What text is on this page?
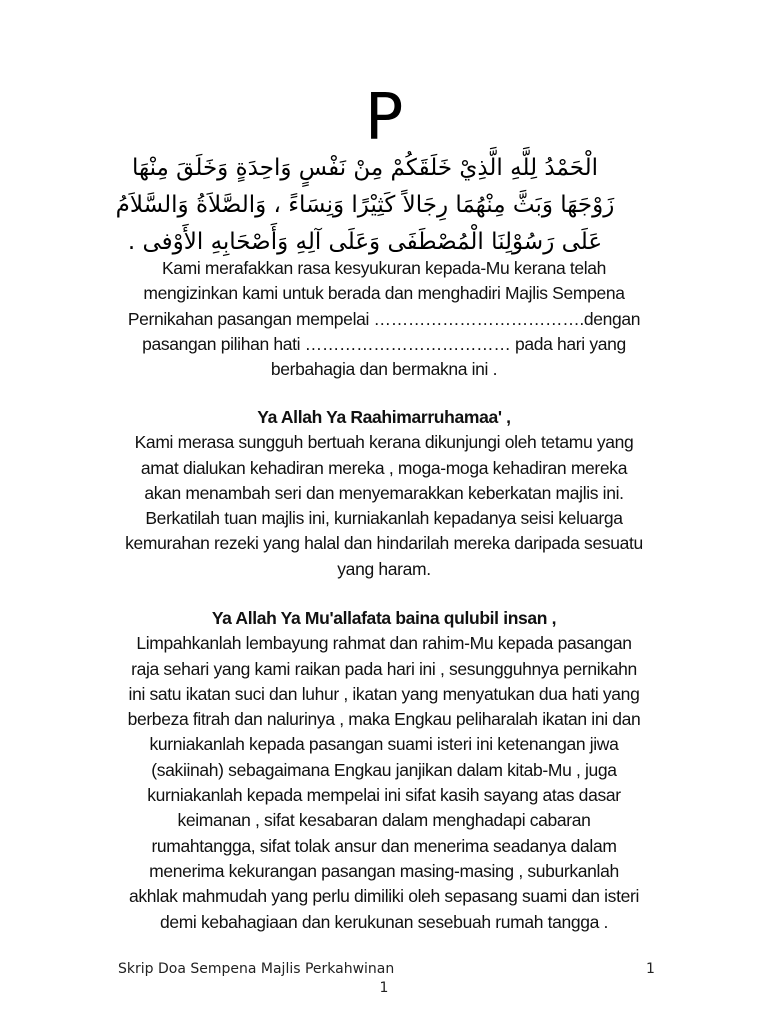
P
الْحَمْدُ لِلَّهِ الَّذِيْ خَلَقَكُمْ مِنْ نَفْسٍ وَاحِدَةٍ وَخَلَقَ مِنْهَا
زَوْجَهَا وَبَثَّ مِنْهُمَا رِجَالاً كَثِيْرًا وَنِسَاءً ، وَالصَّلاَةُ وَالسَّلاَمُ
عَلَى رَسُوْلِنَا الْمُصْطَفَى وَعَلَى آلِهِ وَأَصْحَابِهِ الأَوْفى .

Kami merafakkan rasa kesyukuran kepada-Mu kerana telah

mengizinkan kami untuk berada dan menghadiri Majlis Sempena

Pernikahan pasangan mempelai ……………………………….dengan

pasangan pilihan hati ……………………………… pada hari yang

berbahagia dan bermakna ini .

Ya Allah Ya Raahimarruhamaa' ,

Kami merasa sungguh bertuah kerana dikunjungi oleh tetamu yang

amat dialukan kehadiran mereka , moga-moga kehadiran mereka

akan menambah seri dan menyemarakkan keberkatan majlis ini.

Berkatilah tuan majlis ini, kurniakanlah kepadanya seisi keluarga

kemurahan rezeki yang halal dan hindarilah mereka daripada sesuatu

yang haram.

Ya Allah Ya Mu'allafata baina qulubil insan ,

Limpahkanlah lembayung rahmat dan rahim-Mu kepada pasangan

raja sehari yang kami raikan pada hari ini , sesungguhnya pernikahn

ini satu ikatan suci dan luhur , ikatan yang menyatukan dua hati yang

berbeza fitrah dan nalurinya , maka Engkau peliharalah ikatan ini dan

kurniakanlah kepada pasangan suami isteri ini ketenangan jiwa

(sakiinah) sebagaimana Engkau janjikan dalam kitab-Mu , juga

kurniakanlah kepada mempelai ini sifat kasih sayang atas dasar

keimanan , sifat kesabaran dalam menghadapi cabaran

rumahtangga, sifat tolak ansur dan menerima seadanya dalam

menerima kekurangan pasangan masing-masing , suburkanlah

akhlak mahmudah yang perlu dimiliki oleh sepasang suami dan isteri

demi kebahagiaan dan kerukunan sesebuah rumah tangga .

Skrip Doa Sempena Majlis Perkahwinan	1
1
